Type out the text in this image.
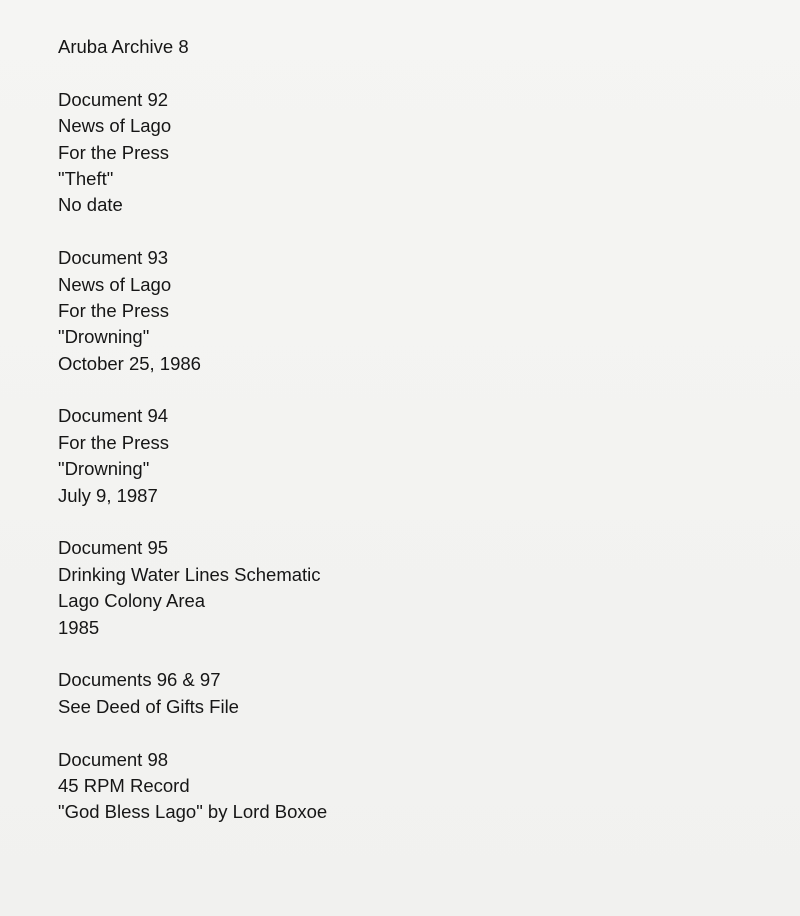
Aruba Archive 8
Document 92
News of Lago
For the Press
"Theft"
No date
Document 93
News of Lago
For the Press
"Drowning"
October 25, 1986
Document 94
For the Press
"Drowning"
July 9, 1987
Document 95
Drinking Water Lines Schematic
Lago Colony Area
1985
Documents 96 & 97
See Deed of Gifts File
Document 98
45 RPM Record
"God Bless Lago" by Lord Boxoe
